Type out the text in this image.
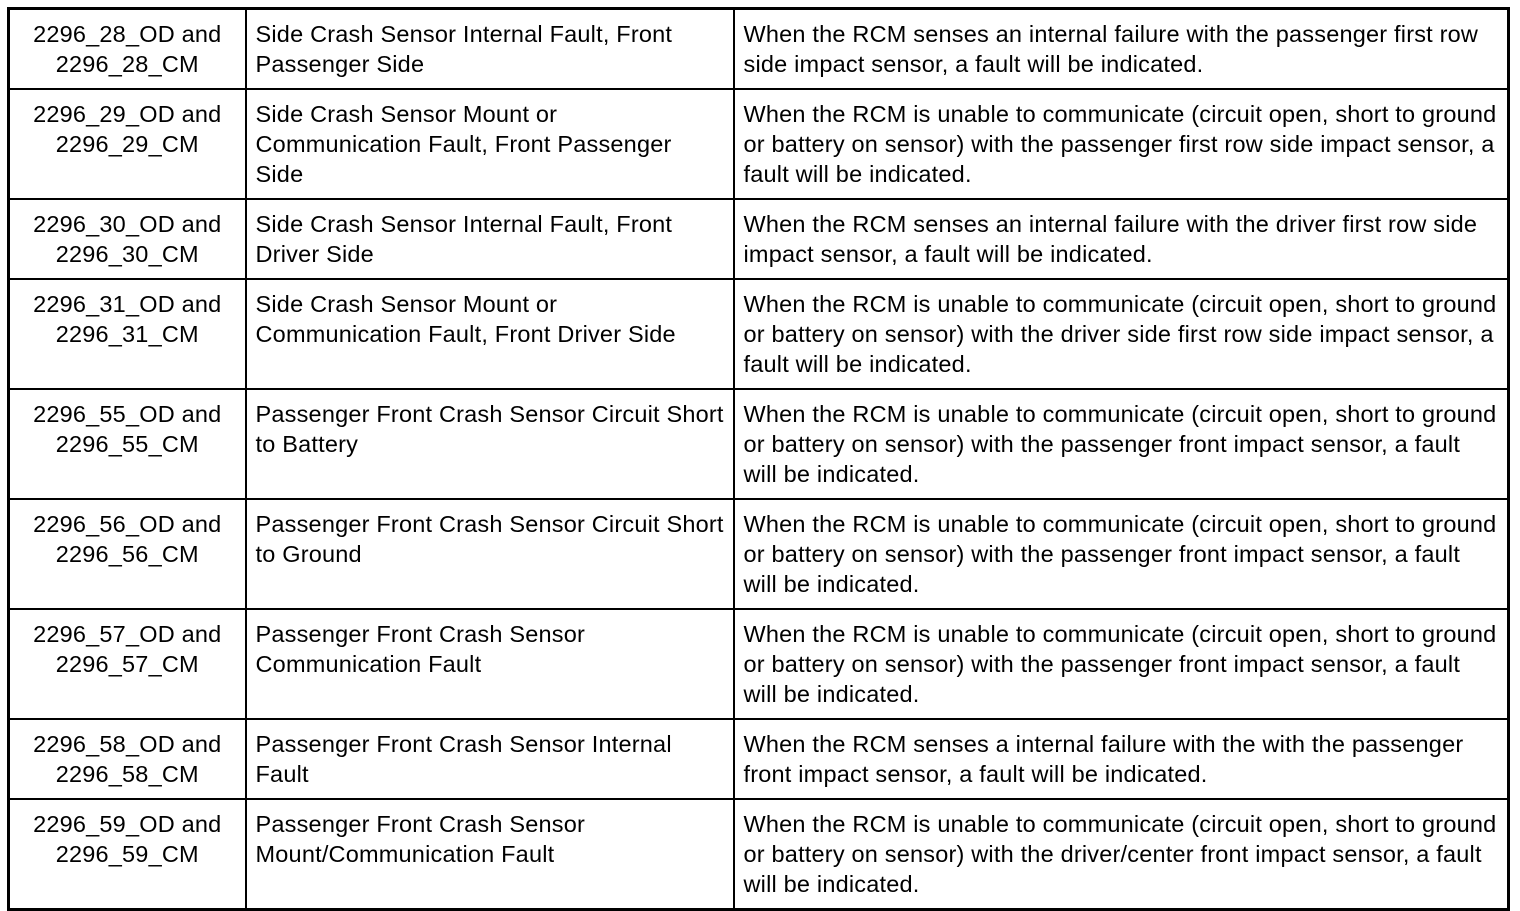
2296_28_OD and
2296_28_CM	Side Crash Sensor Internal Fault, Front Passenger Side	When the RCM senses an internal failure with the passenger first row side impact sensor, a fault will be indicated.

2296_29_OD and
2296_29_CM	Side Crash Sensor Mount or Communication Fault, Front Passenger Side	When the RCM is unable to communicate (circuit open, short to ground or battery on sensor) with the passenger first row side impact sensor, a fault will be indicated.

2296_30_OD and
2296_30_CM	Side Crash Sensor Internal Fault, Front Driver Side	When the RCM senses an internal failure with the driver first row side impact sensor, a fault will be indicated.

2296_31_OD and
2296_31_CM	Side Crash Sensor Mount or Communication Fault, Front Driver Side	When the RCM is unable to communicate (circuit open, short to ground or battery on sensor) with the driver side first row side impact sensor, a fault will be indicated.

2296_55_OD and
2296_55_CM	Passenger Front Crash Sensor Circuit Short to Battery	When the RCM is unable to communicate (circuit open, short to ground or battery on sensor) with the passenger front impact sensor, a fault will be indicated.

2296_56_OD and
2296_56_CM	Passenger Front Crash Sensor Circuit Short to Ground	When the RCM is unable to communicate (circuit open, short to ground or battery on sensor) with the passenger front impact sensor, a fault will be indicated.

2296_57_OD and
2296_57_CM	Passenger Front Crash Sensor Communication Fault	When the RCM is unable to communicate (circuit open, short to ground or battery on sensor) with the passenger front impact sensor, a fault will be indicated.

2296_58_OD and
2296_58_CM	Passenger Front Crash Sensor Internal Fault	When the RCM senses a internal failure with the with the passenger front impact sensor, a fault will be indicated.

2296_59_OD and
2296_59_CM	Passenger Front Crash Sensor Mount/Communication Fault	When the RCM is unable to communicate (circuit open, short to ground or battery on sensor) with the driver/center front impact sensor, a fault will be indicated.
